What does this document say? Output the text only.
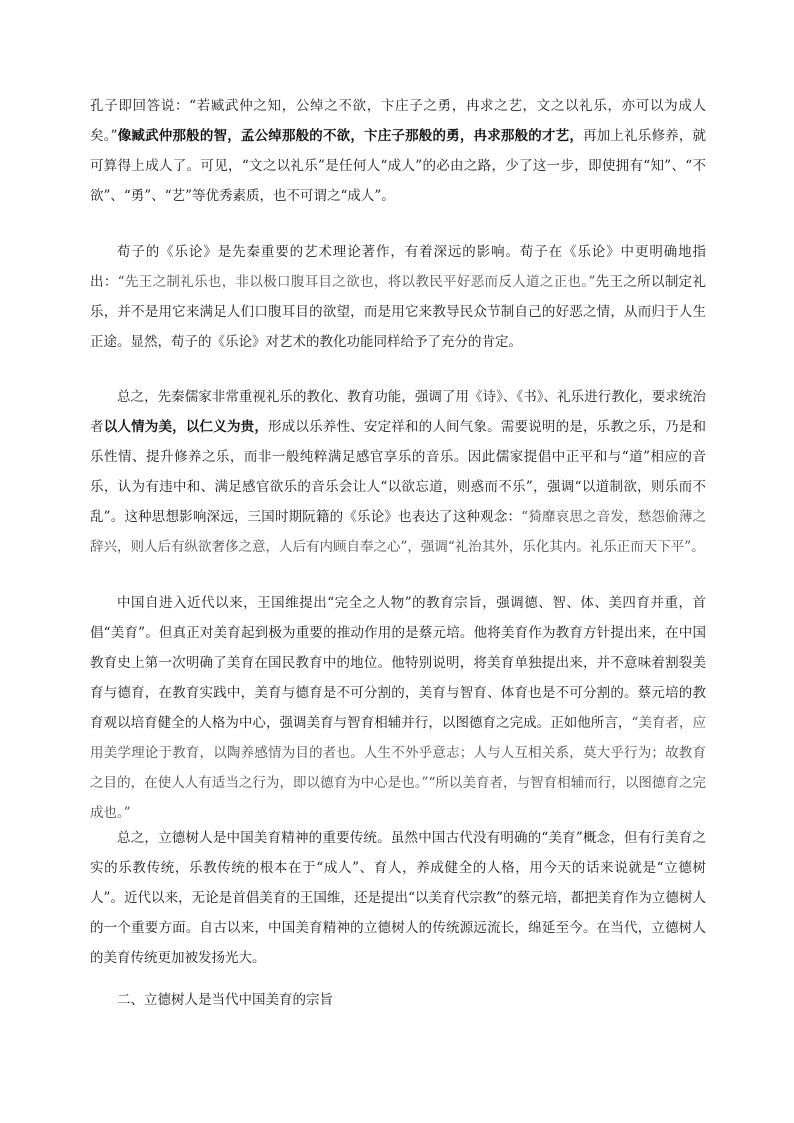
孔子即回答说：“若臧武仲之知，公绰之不欲，卞庄子之勇，冉求之艺，文之以礼乐，亦可以为成人矣。”像臧武仲那般的智，孟公绰那般的不欲，卞庄子那般的勇，冉求那般的才艺，再加上礼乐修养，就可算得上成人了。可见，“文之以礼乐”是任何人“成人”的必由之路，少了这一步，即使拥有“知”、“不欲”、“勇”、“艺”等优秀素质，也不可谓之“成人”。
荀子的《乐论》是先秦重要的艺术理论著作，有着深远的影响。荀子在《乐论》中更明确地指出：“先王之制礼乐也，非以极口腹耳目之欲也，将以教民平好恶而反人道之正也。”先王之所以制定礼乐，并不是用它来满足人们口腹耳目的欲望，而是用它来教导民众节制自己的好恶之情，从而归于人生正途。显然，荀子的《乐论》对艺术的教化功能同样给予了充分的肯定。
总之，先秦儒家非常重视礼乐的教化、教育功能，强调了用《诗》、《书》、礼乐进行教化，要求统治者以人情为美，以仁义为贵，形成以乐养性、安定祥和的人间气象。需要说明的是，乐教之乐，乃是和乐性情、提升修养之乐，而非一般纯粹满足感官享乐的音乐。因此儒家提倡中正平和与“道”相应的音乐，认为有违中和、满足感官欲乐的音乐会让人“以欲忘道，则惑而不乐”，强调“以道制欲，则乐而不乱”。这种思想影响深远，三国时期阮籍的《乐论》也表达了这种观念：“猗靡哀思之音发，愁怨偷薄之辞兴，则人后有纵欲奢侈之意，人后有内顾自奉之心”，强调“礼治其外，乐化其内。礼乐正而天下平”。
中国自进入近代以来，王国维提出“完全之人物”的教育宗旨，强调德、智、体、美四育并重，首倡“美育”。但真正对美育起到极为重要的推动作用的是蔡元培。他将美育作为教育方针提出来，在中国教育史上第一次明确了美育在国民教育中的地位。他特别说明，将美育单独提出来，并不意味着割裂美育与德育，在教育实践中，美育与德育是不可分割的，美育与智育、体育也是不可分割的。蔡元培的教育观以培育健全的人格为中心，强调美育与智育相辅并行，以图德育之完成。正如他所言，“美育者，应用美学理论于教育，以陶养感情为目的者也。人生不外乎意志；人与人互相关系，莫大乎行为；故教育之目的，在使人人有适当之行为，即以德育为中心是也。”“所以美育者，与智育相辅而行，以图德育之完成也。”
总之，立德树人是中国美育精神的重要传统。虽然中国古代没有明确的“美育”概念，但有行美育之实的乐教传统，乐教传统的根本在于“成人”、育人，养成健全的人格，用今天的话来说就是“立德树人”。近代以来，无论是首倡美育的王国维，还是提出“以美育代宗教”的蔡元培，都把美育作为立德树人的一个重要方面。自古以来，中国美育精神的立德树人的传统源远流长，绵延至今。在当代，立德树人的美育传统更加被发扬光大。
二、立德树人是当代中国美育的宗旨
